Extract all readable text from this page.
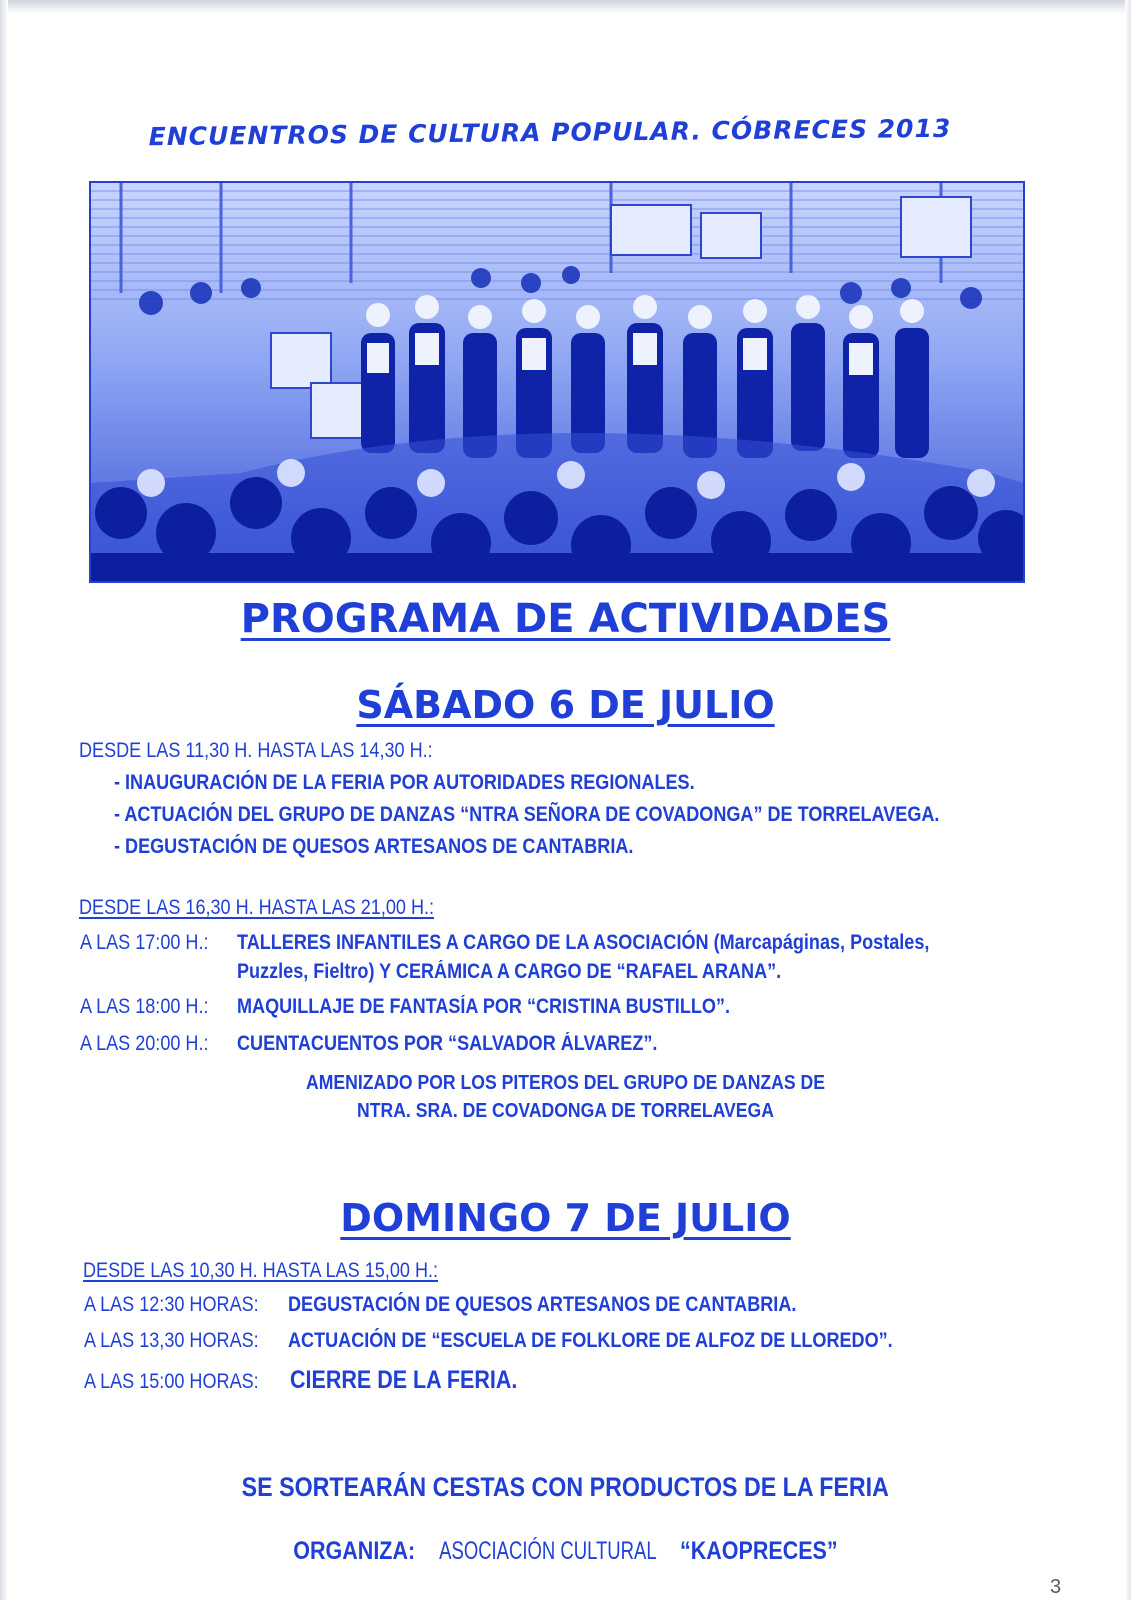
ENCUENTROS DE CULTURA POPULAR. CÓBRECES 2013
PROGRAMA DE ACTIVIDADES
SÁBADO 6 DE JULIO
DESDE LAS 11,30 H. HASTA LAS 14,30 H.:
- INAUGURACIÓN DE LA FERIA POR AUTORIDADES REGIONALES.
- ACTUACIÓN DEL GRUPO DE DANZAS “NTRA SEÑORA DE COVADONGA” DE TORRELAVEGA.
- DEGUSTACIÓN DE QUESOS ARTESANOS DE CANTABRIA.
DESDE LAS 16,30 H. HASTA LAS 21,00 H.:
A LAS 17:00 H.: TALLERES INFANTILES A CARGO DE LA ASOCIACIÓN (Marcapáginas, Postales,
Puzzles, Fieltro) Y CERÁMICA A CARGO DE “RAFAEL ARANA”.
A LAS 18:00 H.: MAQUILLAJE DE FANTASÍA POR “CRISTINA BUSTILLO”.
A LAS 20:00 H.: CUENTACUENTOS POR “SALVADOR ÁLVAREZ”.
AMENIZADO POR LOS PITEROS DEL GRUPO DE DANZAS DE
NTRA. SRA. DE COVADONGA DE TORRELAVEGA
DOMINGO 7 DE JULIO
DESDE LAS 10,30 H. HASTA LAS 15,00 H.:
A LAS 12:30 HORAS: DEGUSTACIÓN DE QUESOS ARTESANOS DE CANTABRIA.
A LAS 13,30 HORAS: ACTUACIÓN DE “ESCUELA DE FOLKLORE DE ALFOZ DE LLOREDO”.
A LAS 15:00 HORAS: CIERRE DE LA FERIA.
SE SORTEARÁN CESTAS CON PRODUCTOS DE LA FERIA
ORGANIZA: ASOCIACIÓN CULTURAL “KAOPRECES”
3
